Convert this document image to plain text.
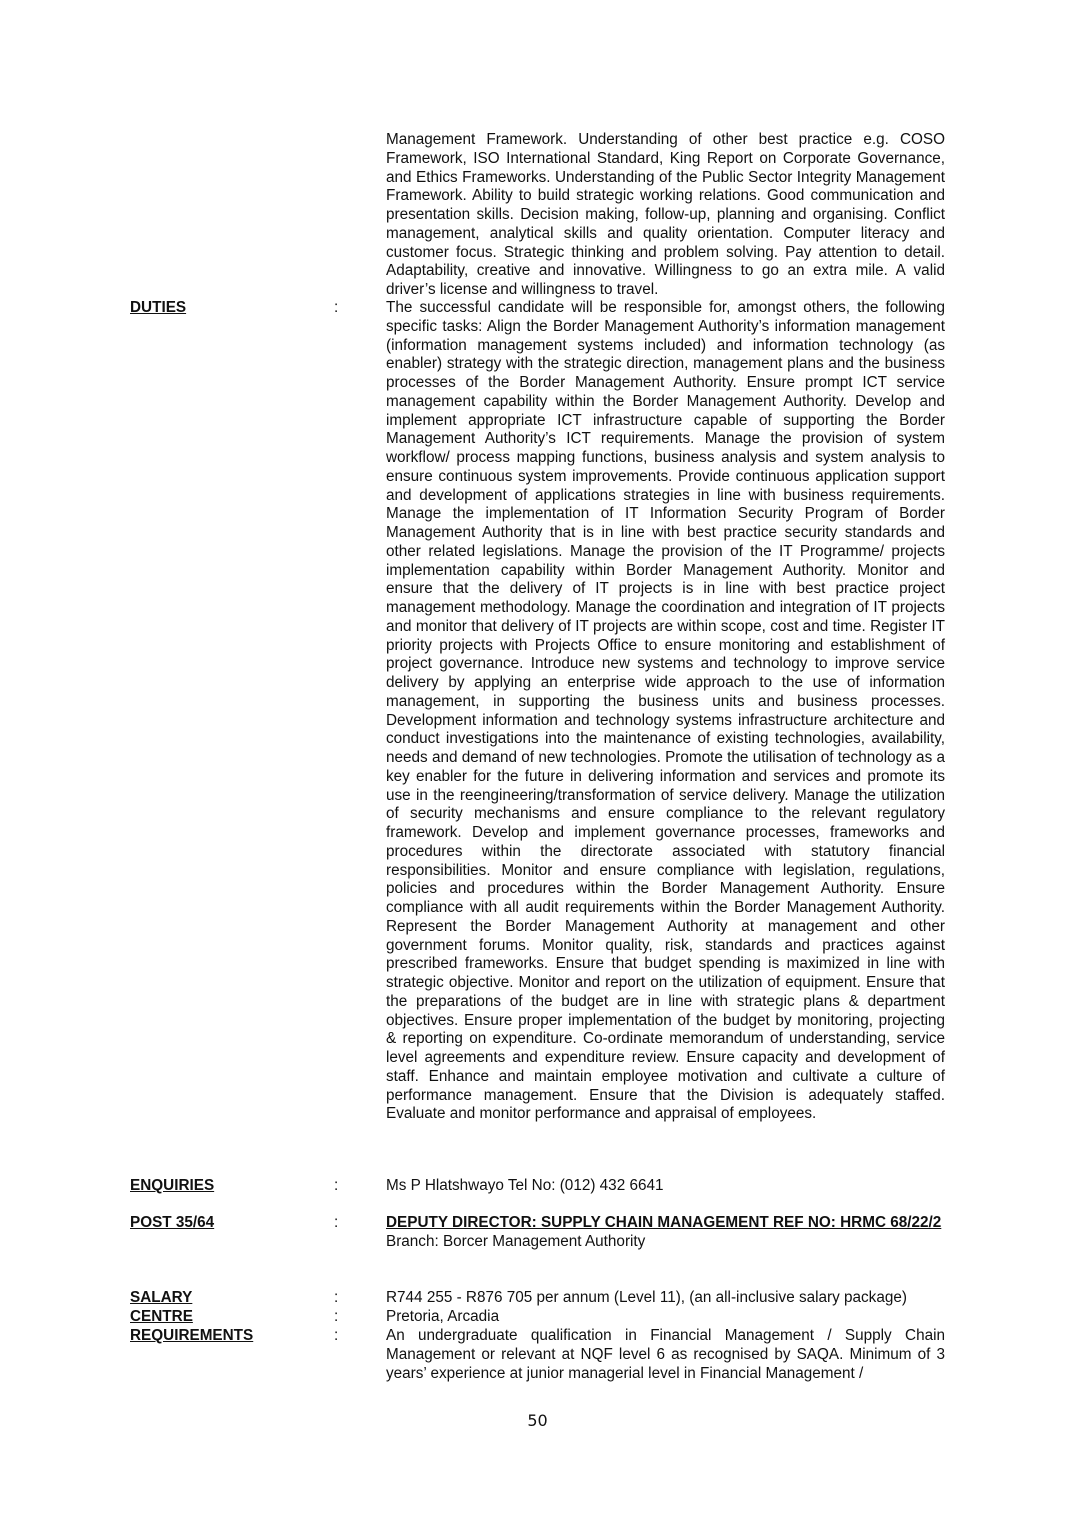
Management Framework. Understanding of other best practice e.g. COSO Framework, ISO International Standard, King Report on Corporate Governance, and Ethics Frameworks. Understanding of the Public Sector Integrity Management Framework. Ability to build strategic working relations. Good communication and presentation skills. Decision making, follow-up, planning and organising. Conflict management, analytical skills and quality orientation. Computer literacy and customer focus. Strategic thinking and problem solving. Pay attention to detail. Adaptability, creative and innovative. Willingness to go an extra mile. A valid driver’s license and willingness to travel.
DUTIES	:	The successful candidate will be responsible for, amongst others, the following specific tasks: Align the Border Management Authority’s information management (information management systems included) and information technology (as enabler) strategy with the strategic direction, management plans and the business processes of the Border Management Authority. Ensure prompt ICT service management capability within the Border Management Authority. Develop and implement appropriate ICT infrastructure capable of supporting the Border Management Authority’s ICT requirements. Manage the provision of system workflow/ process mapping functions, business analysis and system analysis to ensure continuous system improvements. Provide continuous application support and development of applications strategies in line with business requirements. Manage the implementation of IT Information Security Program of Border Management Authority that is in line with best practice security standards and other related legislations. Manage the provision of the IT Programme/ projects implementation capability within Border Management Authority. Monitor and ensure that the delivery of IT projects is in line with best practice project management methodology. Manage the coordination and integration of IT projects and monitor that delivery of IT projects are within scope, cost and time. Register IT priority projects with Projects Office to ensure monitoring and establishment of project governance. Introduce new systems and technology to improve service delivery by applying an enterprise wide approach to the use of information management, in supporting the business units and business processes. Development information and technology systems infrastructure architecture and conduct investigations into the maintenance of existing technologies, availability, needs and demand of new technologies. Promote the utilisation of technology as a key enabler for the future in delivering information and services and promote its use in the reengineering/transformation of service delivery. Manage the utilization of security mechanisms and ensure compliance to the relevant regulatory framework. Develop and implement governance processes, frameworks and procedures within the directorate associated with statutory financial responsibilities. Monitor and ensure compliance with legislation, regulations, policies and procedures within the Border Management Authority. Ensure compliance with all audit requirements within the Border Management Authority. Represent the Border Management Authority at management and other government forums. Monitor quality, risk, standards and practices against prescribed frameworks. Ensure that budget spending is maximized in line with strategic objective. Monitor and report on the utilization of equipment. Ensure that the preparations of the budget are in line with strategic plans & department objectives. Ensure proper implementation of the budget by monitoring, projecting & reporting on expenditure. Co-ordinate memorandum of understanding, service level agreements and expenditure review. Ensure capacity and development of staff. Enhance and maintain employee motivation and cultivate a culture of performance management. Ensure that the Division is adequately staffed. Evaluate and monitor performance and appraisal of employees.
ENQUIRIES	:	Ms P Hlatshwayo Tel No: (012) 432 6641
POST 35/64	:	DEPUTY DIRECTOR: SUPPLY CHAIN MANAGEMENT REF NO: HRMC 68/22/2
Branch: Borcer Management Authority
SALARY	:	R744 255 - R876 705 per annum (Level 11), (an all-inclusive salary package)
CENTRE	:	Pretoria, Arcadia
REQUIREMENTS	:	An undergraduate qualification in Financial Management / Supply Chain Management or relevant at NQF level 6 as recognised by SAQA. Minimum of 3 years’ experience at junior managerial level in Financial Management /
50
